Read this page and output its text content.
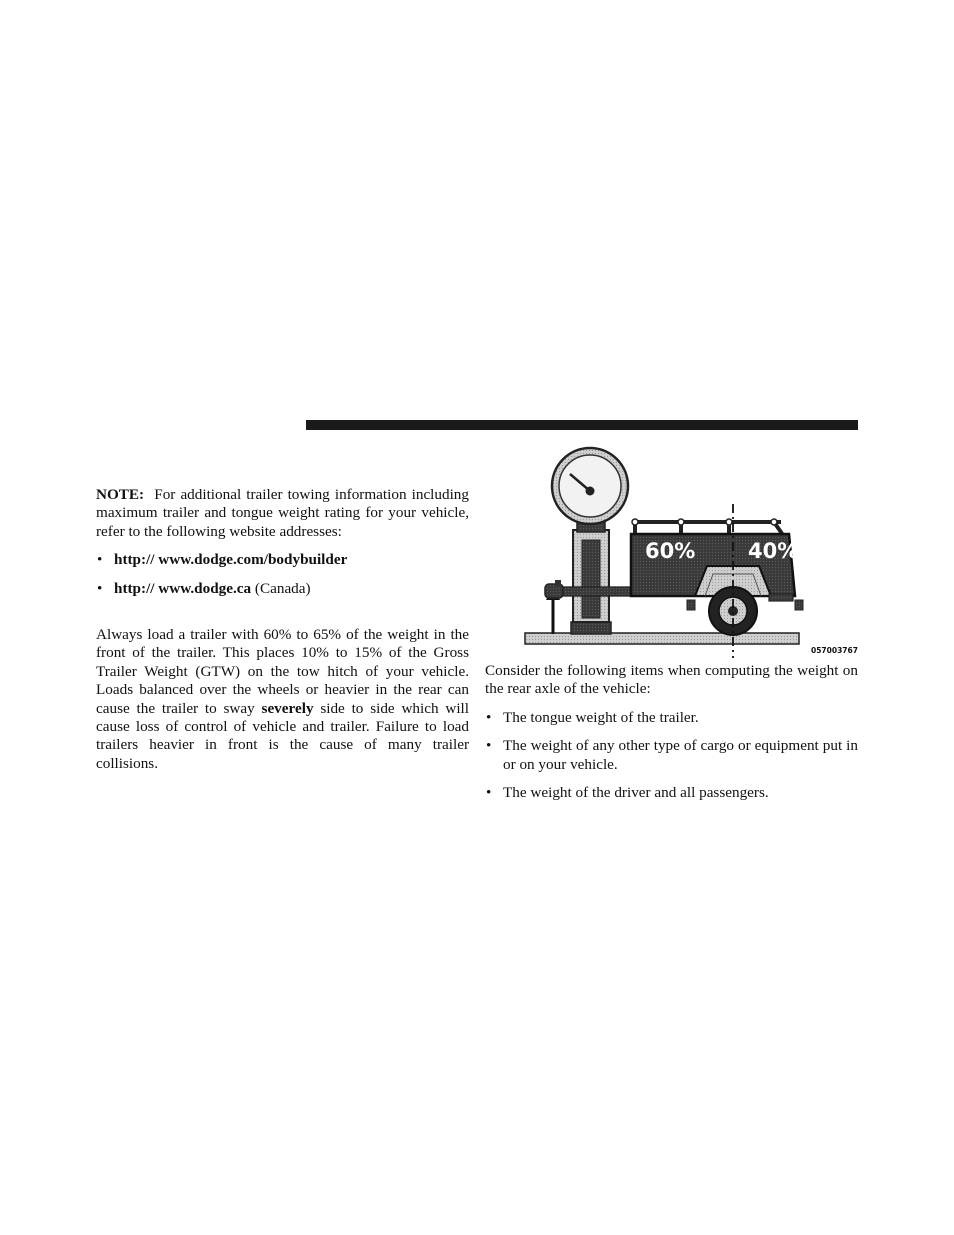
NOTE: For additional trailer towing information including maximum trailer and tongue weight rating for your vehicle, refer to the following website addresses:

• http:// www.dodge.com/bodybuilder
• http:// www.dodge.ca (Canada)

Always load a trailer with 60% to 65% of the weight in the front of the trailer. This places 10% to 15% of the Gross Trailer Weight (GTW) on the tow hitch of your vehicle. Loads balanced over the wheels or heavier in the rear can cause the trailer to sway severely side to side which will cause loss of control of vehicle and trailer. Failure to load trailers heavier in front is the cause of many trailer collisions.

60%	40%
057003767

Consider the following items when computing the weight on the rear axle of the vehicle:

• The tongue weight of the trailer.
• The weight of any other type of cargo or equipment put in or on your vehicle.
• The weight of the driver and all passengers.
